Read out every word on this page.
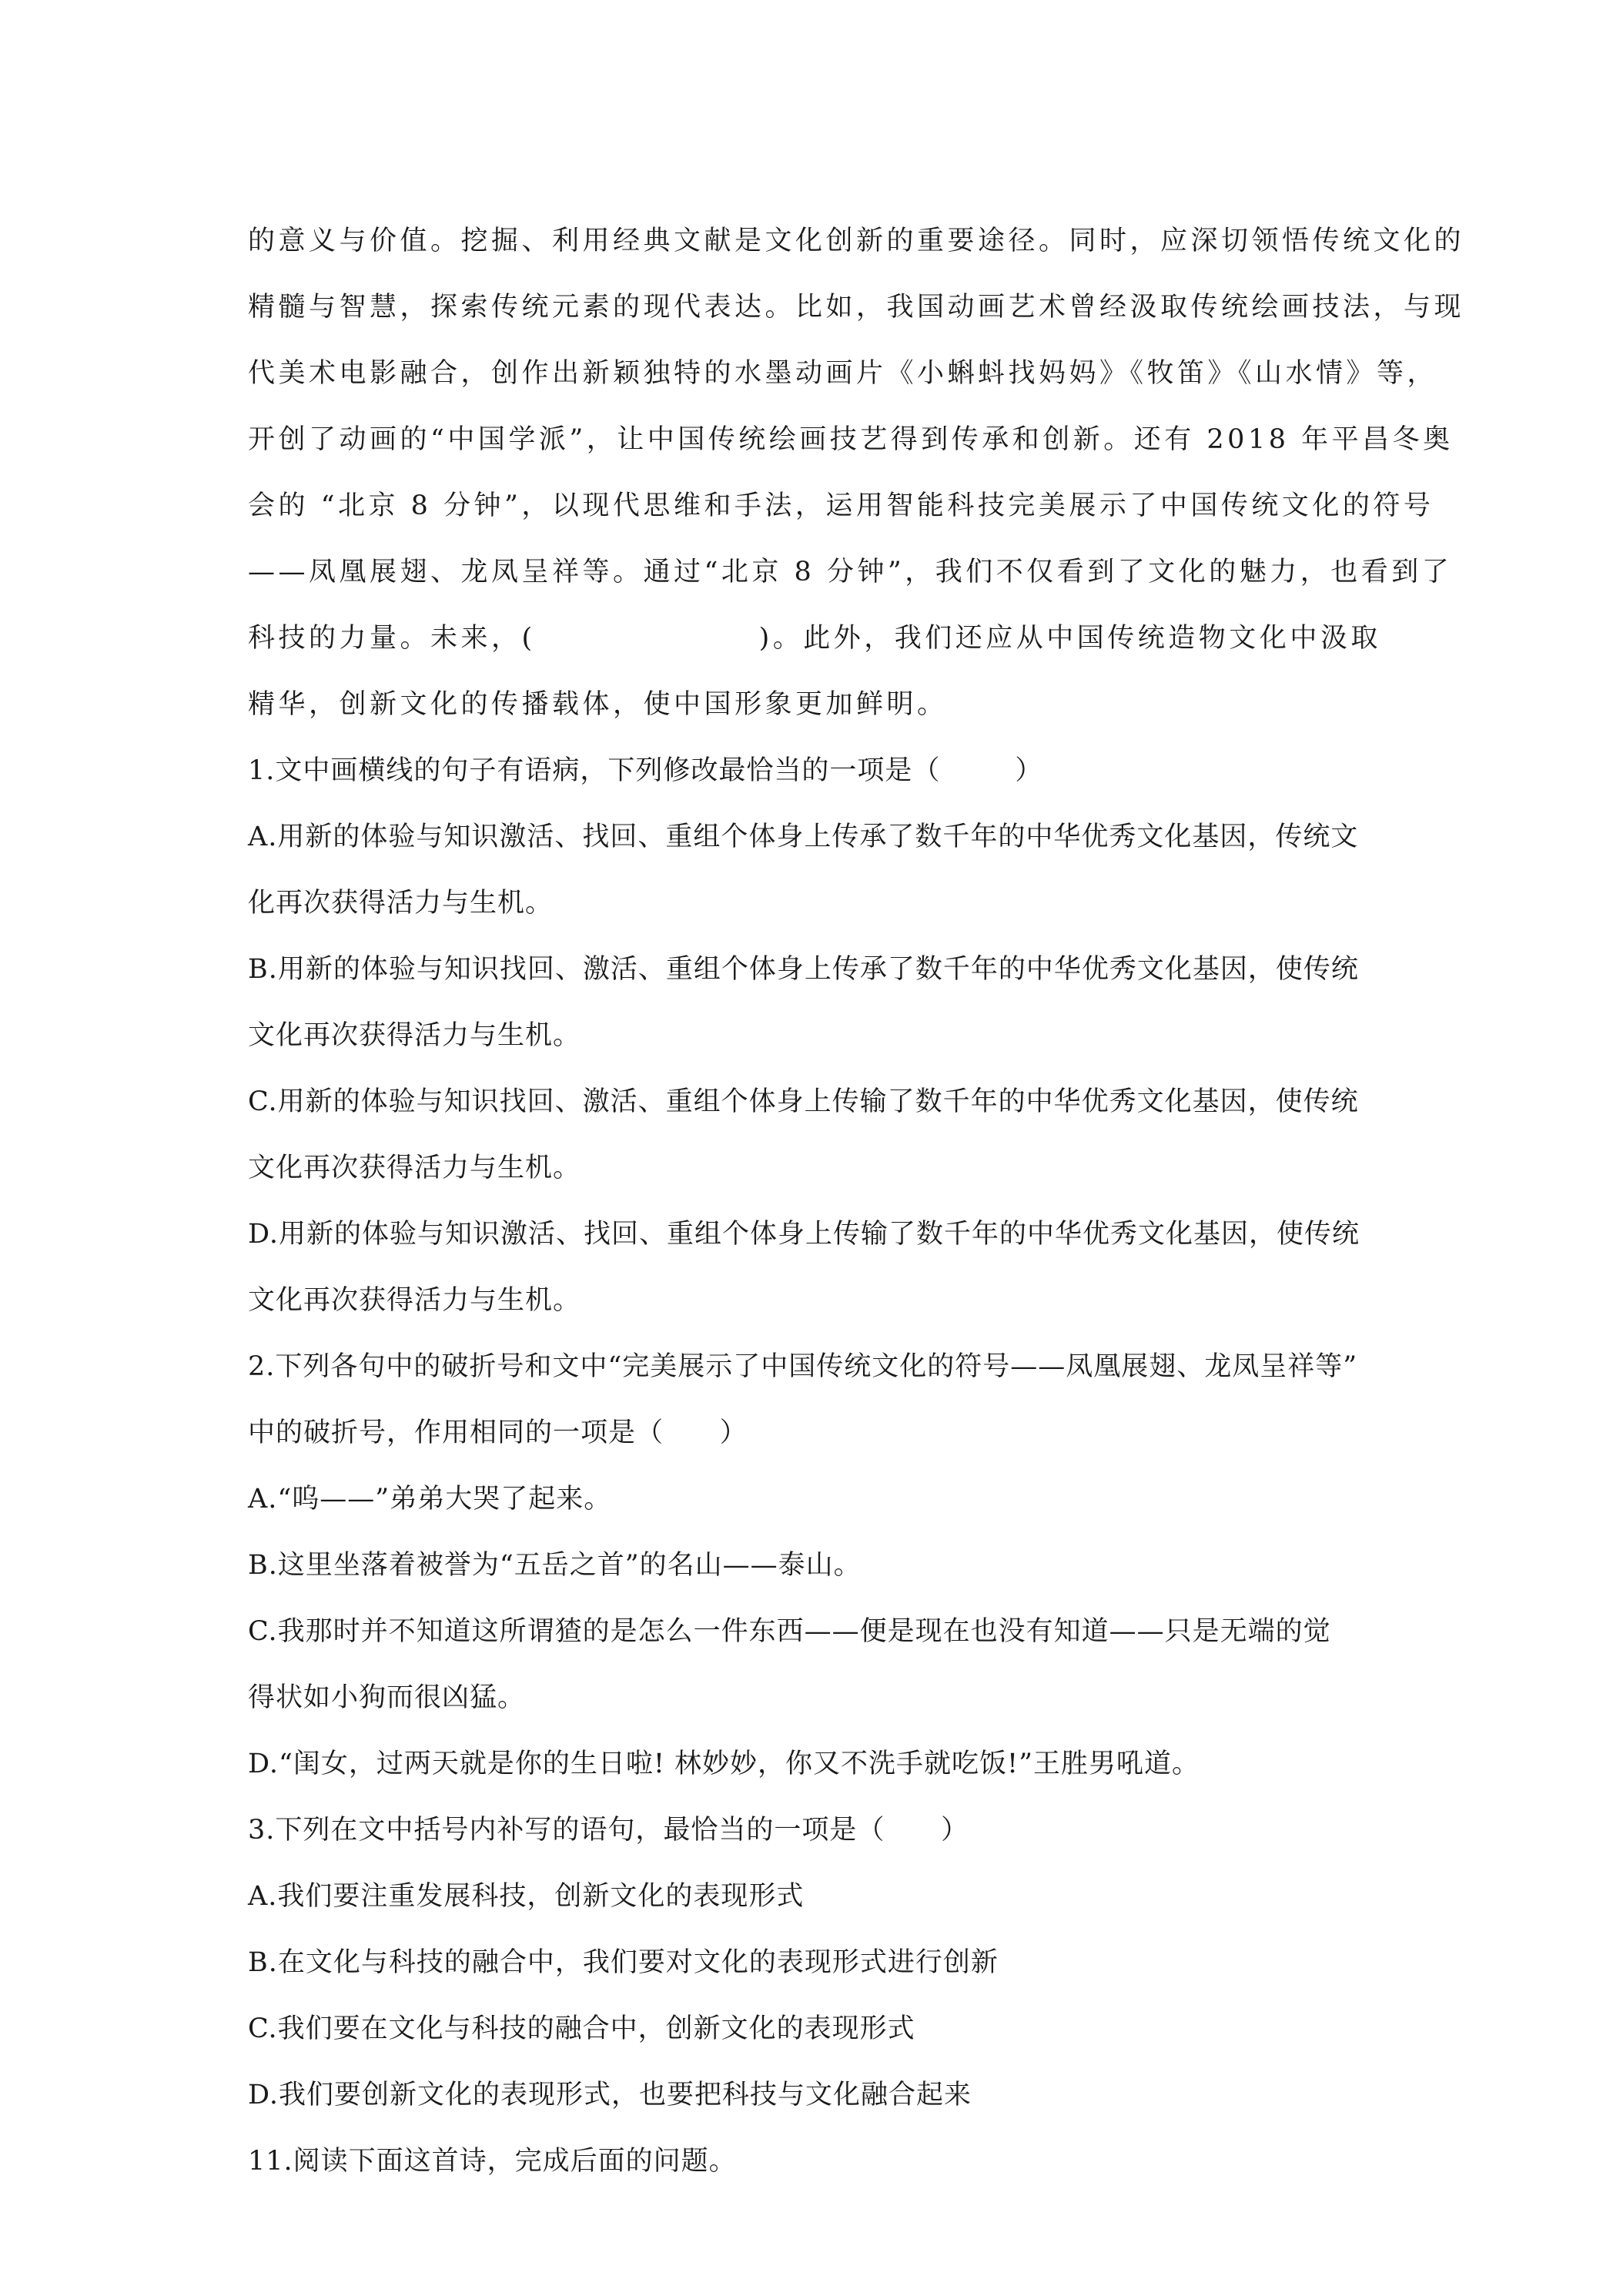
的意义与价值。挖掘、利用经典文献是文化创新的重要途径。同时，应深切领悟传统文化的
精髓与智慧，探索传统元素的现代表达。比如，我国动画艺术曾经汲取传统绘画技法，与现
代美术电影融合，创作出新颖独特的水墨动画片《小蝌蚪找妈妈》《牧笛》《山水情》等，
开创了动画的“中国学派”，让中国传统绘画技艺得到传承和创新。还有 2018 年平昌冬奥
会的 “北京 8 分钟”，以现代思维和手法，运用智能科技完美展示了中国传统文化的符号
——凤凰展翅、龙凤呈祥等。通过“北京 8 分钟”，我们不仅看到了文化的魅力，也看到了
科技的力量。未来，(	)。此外，我们还应从中国传统造物文化中汲取
精华，创新文化的传播载体，使中国形象更加鲜明。
1.文中画横线的句子有语病，下列修改最恰当的一项是（        ）
A.用新的体验与知识激活、找回、重组个体身上传承了数千年的中华优秀文化基因，传统文
化再次获得活力与生机。
B.用新的体验与知识找回、激活、重组个体身上传承了数千年的中华优秀文化基因，使传统
文化再次获得活力与生机。
C.用新的体验与知识找回、激活、重组个体身上传输了数千年的中华优秀文化基因，使传统
文化再次获得活力与生机。
D.用新的体验与知识激活、找回、重组个体身上传输了数千年的中华优秀文化基因，使传统
文化再次获得活力与生机。
2.下列各句中的破折号和文中“完美展示了中国传统文化的符号——凤凰展翅、龙凤呈祥等”
中的破折号，作用相同的一项是（      ）
A.“呜——”弟弟大哭了起来。
B.这里坐落着被誉为“五岳之首”的名山——泰山。
C.我那时并不知道这所谓猹的是怎么一件东西——便是现在也没有知道——只是无端的觉
得状如小狗而很凶猛。
D.“闺女，过两天就是你的生日啦! 林妙妙，你又不洗手就吃饭!”王胜男吼道。
3.下列在文中括号内补写的语句，最恰当的一项是（      ）
A.我们要注重发展科技，创新文化的表现形式
B.在文化与科技的融合中，我们要对文化的表现形式进行创新
C.我们要在文化与科技的融合中，创新文化的表现形式
D.我们要创新文化的表现形式，也要把科技与文化融合起来
11.阅读下面这首诗，完成后面的问题。
